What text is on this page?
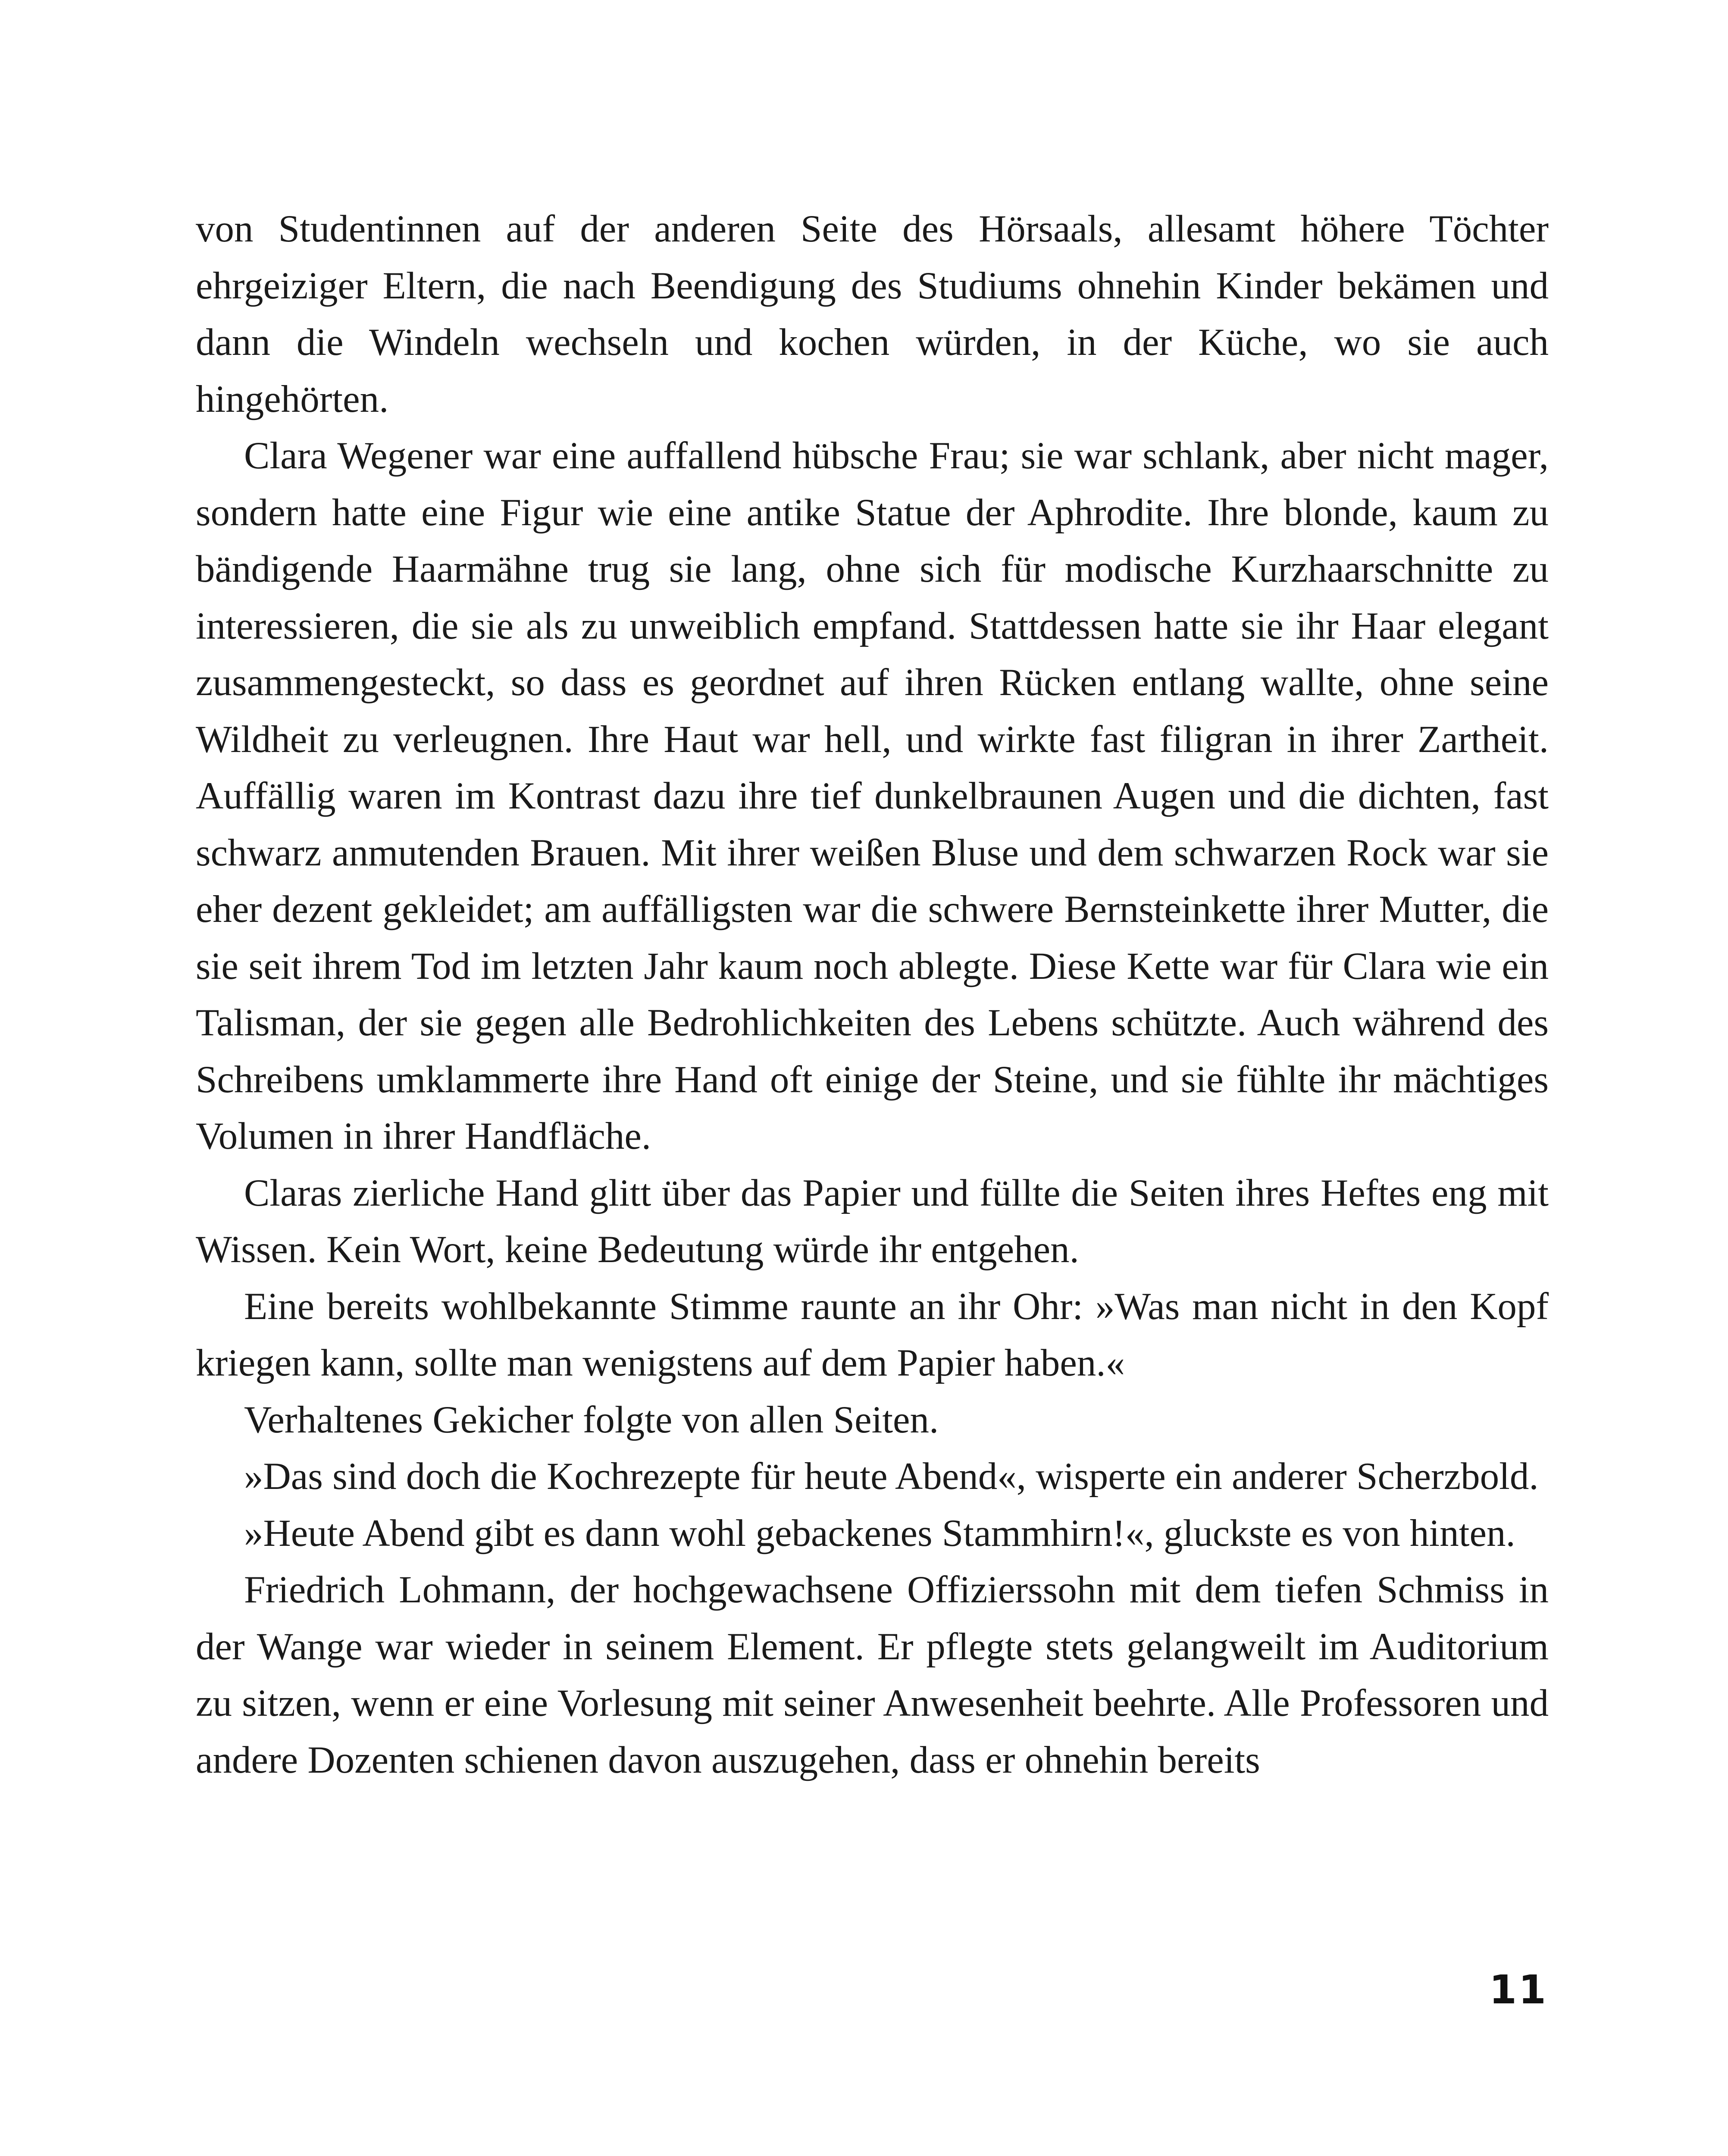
von Studentinnen auf der anderen Seite des Hörsaals, allesamt höhere Töchter ehrgeiziger Eltern, die nach Beendigung des Studiums ohnehin Kinder bekämen und dann die Windeln wechseln und kochen würden, in der Küche, wo sie auch hingehörten.

Clara Wegener war eine auffallend hübsche Frau; sie war schlank, aber nicht mager, sondern hatte eine Figur wie eine antike Statue der Aphrodite. Ihre blonde, kaum zu bändigende Haarmähne trug sie lang, ohne sich für modische Kurzhaarschnitte zu interessieren, die sie als zu unweiblich empfand. Stattdessen hatte sie ihr Haar elegant zusammengesteckt, so dass es geordnet auf ihren Rücken entlang wallte, ohne seine Wildheit zu verleugnen. Ihre Haut war hell, und wirkte fast filigran in ihrer Zartheit. Auffällig waren im Kontrast dazu ihre tief dunkelbraunen Augen und die dichten, fast schwarz anmutenden Brauen. Mit ihrer weißen Bluse und dem schwarzen Rock war sie eher dezent gekleidet; am auffälligsten war die schwere Bernsteinkette ihrer Mutter, die sie seit ihrem Tod im letzten Jahr kaum noch ablegte. Diese Kette war für Clara wie ein Talisman, der sie gegen alle Bedrohlichkeiten des Lebens schützte. Auch während des Schreibens umklammerte ihre Hand oft einige der Steine, und sie fühlte ihr mächtiges Volumen in ihrer Handfläche.

Claras zierliche Hand glitt über das Papier und füllte die Seiten ihres Heftes eng mit Wissen. Kein Wort, keine Bedeutung würde ihr entgehen.

Eine bereits wohlbekannte Stimme raunte an ihr Ohr: »Was man nicht in den Kopf kriegen kann, sollte man wenigstens auf dem Papier haben.«

Verhaltenes Gekicher folgte von allen Seiten.

»Das sind doch die Kochrezepte für heute Abend«, wisperte ein anderer Scherzbold.

»Heute Abend gibt es dann wohl gebackenes Stammhirn!«, gluckste es von hinten.

Friedrich Lohmann, der hochgewachsene Offizierssohn mit dem tiefen Schmiss in der Wange war wieder in seinem Element. Er pflegte stets gelangweilt im Auditorium zu sitzen, wenn er eine Vorlesung mit seiner Anwesenheit beehrte. Alle Professoren und andere Dozenten schienen davon auszugehen, dass er ohnehin bereits

11
